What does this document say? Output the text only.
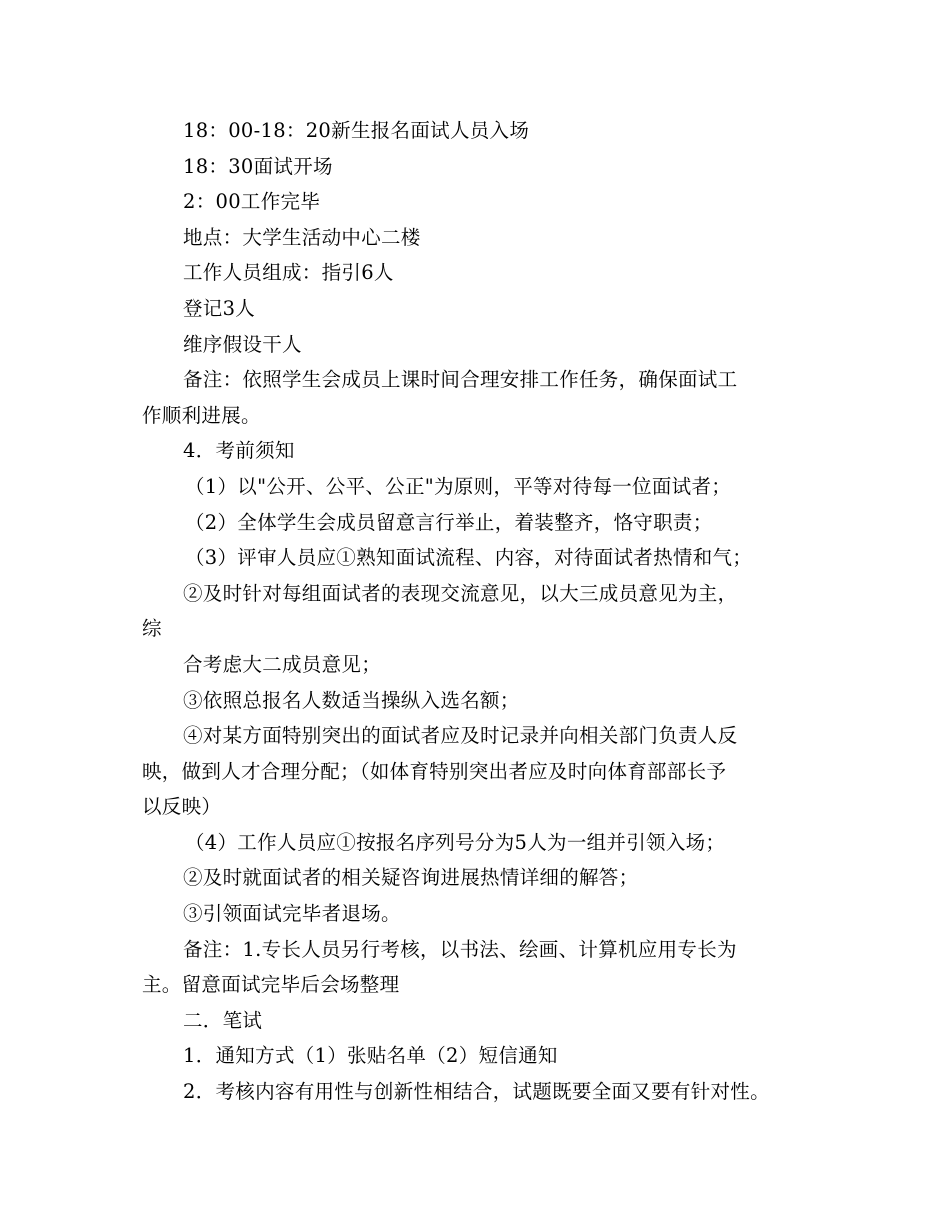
18：00-18：20新生报名面试人员入场
18：30面试开场
2：00工作完毕
地点：大学生活动中心二楼
工作人员组成：指引6人
登记3人
维序假设干人
备注：依照学生会成员上课时间合理安排工作任务，确保面试工
作顺利进展。
4．考前须知
（1）以"公开、公平、公正"为原则，平等对待每一位面试者；
（2）全体学生会成员留意言行举止，着装整齐，恪守职责；
（3）评审人员应①熟知面试流程、内容，对待面试者热情和气；
②及时针对每组面试者的表现交流意见，以大三成员意见为主，
综
合考虑大二成员意见；
③依照总报名人数适当操纵入选名额；
④对某方面特别突出的面试者应及时记录并向相关部门负责人反
映，做到人才合理分配；（如体育特别突出者应及时向体育部部长予
以反映）
（4）工作人员应①按报名序列号分为5人为一组并引领入场；
②及时就面试者的相关疑咨询进展热情详细的解答；
③引领面试完毕者退场。
备注：1.专长人员另行考核，以书法、绘画、计算机应用专长为
主。留意面试完毕后会场整理
二．笔试
1．通知方式（1）张贴名单（2）短信通知
2．考核内容有用性与创新性相结合，试题既要全面又要有针对性。
